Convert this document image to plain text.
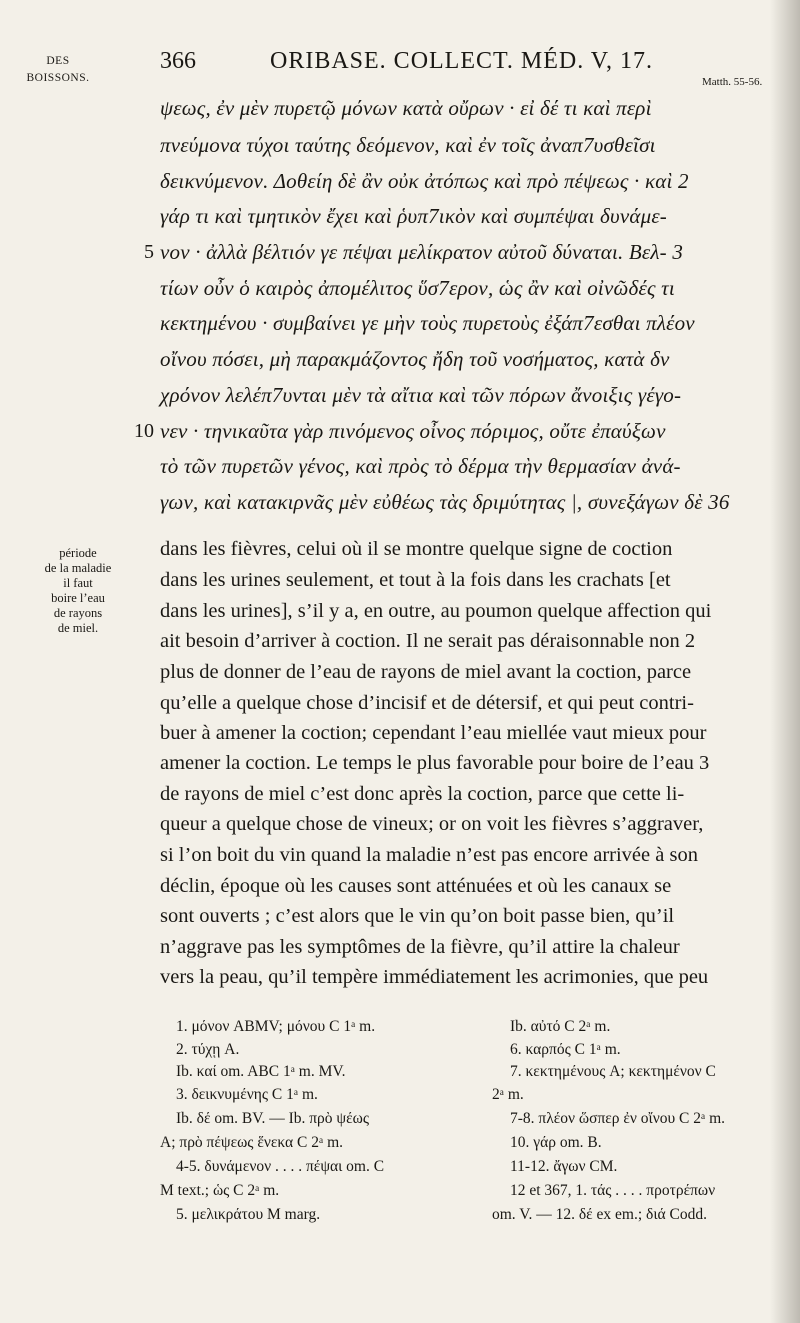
DES
BOISSONS.
366	ORIBASE. COLLECT. MÉD. V, 17.
Matth. 55-56.
ψεως, ἐν μὲν πυρετῷ μόνων κατὰ οὔρων · εἰ δέ τι καὶ περὶ
πνεύμονα τύχοι ταύτης δεόμενον, καὶ ἐν τοῖς ἀναπ7υσθεῖσι
δεικνύμενον. Δοθείη δὲ ἂν οὐκ ἀτόπως καὶ πρὸ πέψεως · καὶ 2
γάρ τι καὶ τμητικὸν ἔχει καὶ ῥυπ7ικὸν καὶ συμπέψαι δυνάμε-
νον · ἀλλὰ βέλτιόν γε πέψαι μελίκρατον αὐτοῦ δύναται. Βελ- 3
τίων οὖν ὁ καιρὸς ἀπομέλιτος ὕσ7ερον, ὡς ἂν καὶ οἰνῶδές τι
κεκτημένου · συμβαίνει γε μὴν τοὺς πυρετοὺς ἐξάπ7εσθαι πλέον
οἴνου πόσει, μὴ παρακμάζοντος ἤδη τοῦ νοσήματος, κατὰ δν
χρόνον λελέπ7υνται μὲν τὰ αἴτια καὶ τῶν πόρων ἄνοιξις γέγο-
νεν · τηνικαῦτα γὰρ πινόμενος οἶνος πόριμος, οὔτε ἐπαύξων
τὸ τῶν πυρετῶν γένος, καὶ πρὸς τὸ δέρμα τὴν θερμασίαν ἀνά-
γων, καὶ κατακιρνᾶς μὲν εὐθέως τὰς δριμύτητας |, συνεξάγων δὲ 36
5
10
période
de la maladie
il faut
boire l’eau
de rayons
de miel.
dans les fièvres, celui où il se montre quelque signe de coction
dans les urines seulement, et tout à la fois dans les crachats [et
dans les urines], s’il y a, en outre, au poumon quelque affection qui
ait besoin d’arriver à coction. Il ne serait pas déraisonnable non 2
plus de donner de l’eau de rayons de miel avant la coction, parce
qu’elle a quelque chose d’incisif et de détersif, et qui peut contri-
buer à amener la coction; cependant l’eau miellée vaut mieux pour
amener la coction. Le temps le plus favorable pour boire de l’eau 3
de rayons de miel c’est donc après la coction, parce que cette li-
queur a quelque chose de vineux; or on voit les fièvres s’aggraver,
si l’on boit du vin quand la maladie n’est pas encore arrivée à son
déclin, époque où les causes sont atténuées et où les canaux se
sont ouverts ; c’est alors que le vin qu’on boit passe bien, qu’il
n’aggrave pas les symptômes de la fièvre, qu’il attire la chaleur
vers la peau, qu’il tempère immédiatement les acrimonies, que peu
1. μόνον ABMV; μόνου C 1ᵃ m.
2. τύχῃ A.
Ib. καί om. ABC 1ᵃ m. MV.
3. δεικνυμένης C 1ᵃ m.
Ib. δέ om. BV. — Ib. πρὸ ψέως
A; πρὸ πέψεως ἕνεκα C 2ᵃ m.
4-5. δυνάμενον . . . . πέψαι om. C
M text.; ὡς C 2ᵃ m.
5. μελικράτου M marg.
Ib. αὐτό C 2ᵃ m.
6. καρπός C 1ᵃ m.
7. κεκτημένους A; κεκτημένον C
2ᵃ m.
7-8. πλέον ὥσπερ ἐν οἴνου C 2ᵃ m.
10. γάρ om. B.
11-12. ἄγων CM.
12 et 367, 1. τάς . . . . προτρέπων
om. V. — 12. δέ ex em.; διά Codd.
